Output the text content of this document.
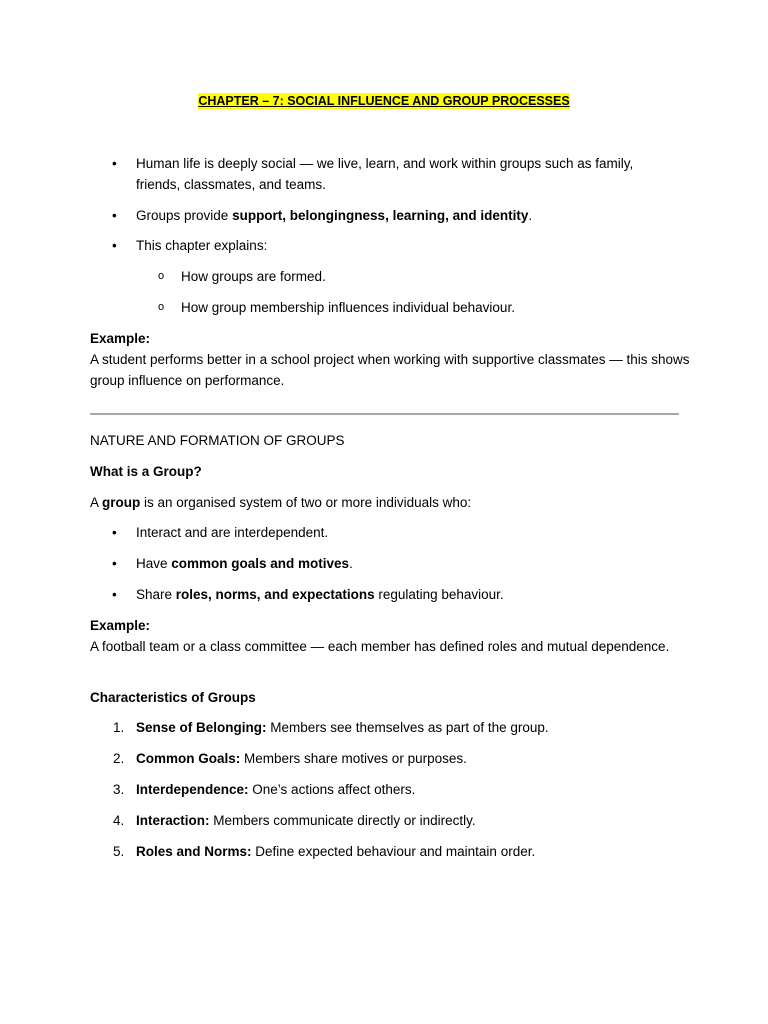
CHAPTER – 7: SOCIAL INFLUENCE AND GROUP PROCESSES
•	Human life is deeply social — we live, learn, and work within groups such as family, friends, classmates, and teams.
•	Groups provide support, belongingness, learning, and identity.
•	This chapter explains:
o	How groups are formed.
o	How group membership influences individual behaviour.
Example:
A student performs better in a school project when working with supportive classmates — this shows group influence on performance.
NATURE AND FORMATION OF GROUPS
What is a Group?
A group is an organised system of two or more individuals who:
•	Interact and are interdependent.
•	Have common goals and motives.
•	Share roles, norms, and expectations regulating behaviour.
Example:
A football team or a class committee — each member has defined roles and mutual dependence.
Characteristics of Groups
1. Sense of Belonging: Members see themselves as part of the group.
2. Common Goals: Members share motives or purposes.
3. Interdependence: One’s actions affect others.
4. Interaction: Members communicate directly or indirectly.
5. Roles and Norms: Define expected behaviour and maintain order.
